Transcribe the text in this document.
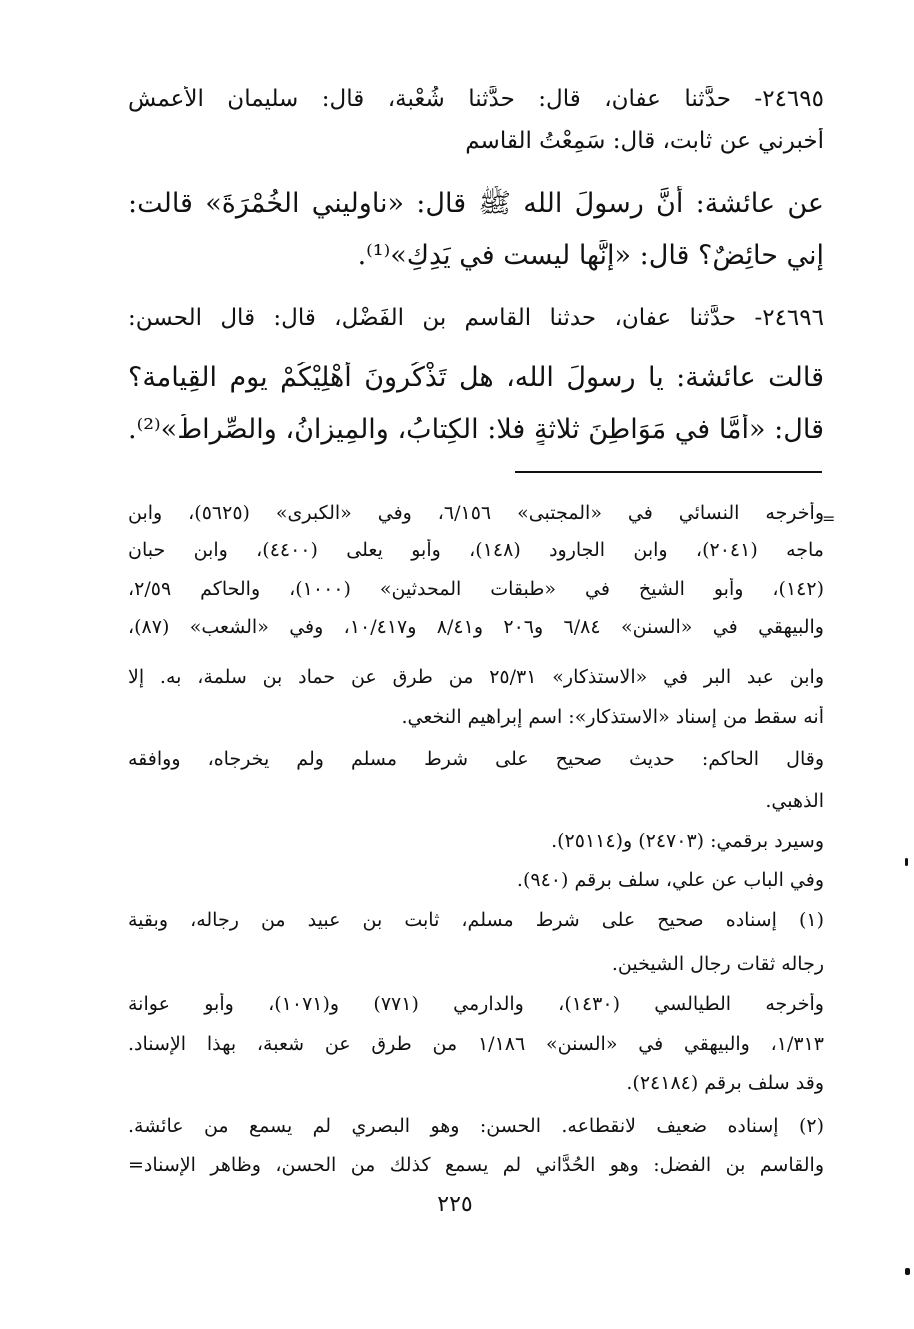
٢٤٦٩٥- حدَّثنا عفان، قال: حدَّثنا شُعْبة، قال: سليمان الأعمش
أخبرني عن ثابت، قال: سَمِعْتُ القاسم
عن عائشة: أنَّ رسولَ الله ﷺ قال: «ناوليني الخُمْرَةَ» قالت:
إني حائِضٌ؟ قال: «إنَّها ليست في يَدِكِ»⁽¹⁾.
٢٤٦٩٦- حدَّثنا عفان، حدثنا القاسم بن الفَضْل، قال: قال الحسن:
قالت عائشة: يا رسولَ الله، هل تَذْكُرونَ أَهْلِيْكُمْ يوم القِيامة؟
قال: «أمَّا في مَوَاطِنَ ثلاثةٍ فلا: الكِتابُ، والمِيزانُ، والصِّراطُ»⁽²⁾.
=
وأخرجه النسائي في «المجتبى» ٦/١٥٦، وفي «الكبرى» (٥٦٢٥)، وابن
ماجه (٢٠٤١)، وابن الجارود (١٤٨)، وأبو يعلى (٤٤٠٠)، وابن حبان
(١٤٢)، وأبو الشيخ في «طبقات المحدثين» (١٠٠٠)، والحاكم ٢/٥٩،
والبيهقي في «السنن» ٦/٨٤ و٢٠٦ و٨/٤١ و١٠/٤١٧، وفي «الشعب» (٨٧)،
وابن عبد البر في «الاستذكار» ٢٥/٣١ من طرق عن حماد بن سلمة، به. إلا
أنه سقط من إسناد «الاستذكار»: اسم إبراهيم النخعي.
وقال الحاكم: حديث صحيح على شرط مسلم ولم يخرجاه، ووافقه
الذهبي.
وسيرد برقمي: (٢٤٧٠٣) و(٢٥١١٤).
وفي الباب عن علي، سلف برقم (٩٤٠).
(١) إسناده صحيح على شرط مسلم، ثابت بن عبيد من رجاله، وبقية
رجاله ثقات رجال الشيخين.
وأخرجه الطيالسي (١٤٣٠)، والدارمي (٧٧١) و(١٠٧١)، وأبو عوانة
١/٣١٣، والبيهقي في «السنن» ١/١٨٦ من طرق عن شعبة، بهذا الإسناد.
وقد سلف برقم (٢٤١٨٤).
(٢) إسناده ضعيف لانقطاعه. الحسن: وهو البصري لم يسمع من عائشة.
والقاسم بن الفضل: وهو الحُدَّاني لم يسمع كذلك من الحسن، وظاهر الإسناد=
٢٢٥
